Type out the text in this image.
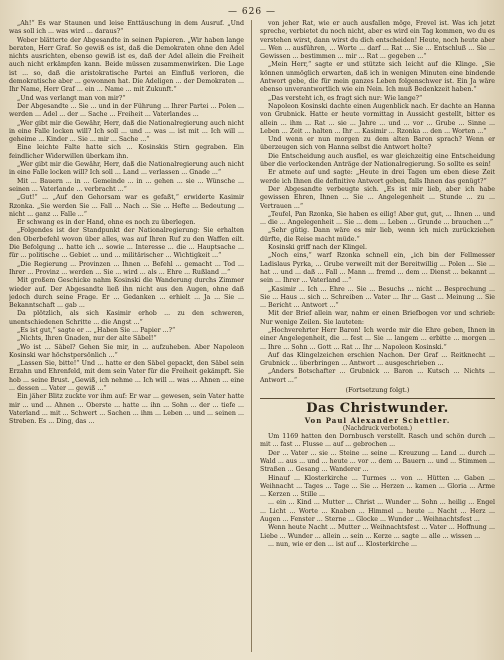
— 626 —

„Ah!“ Es war Staunen und leise Enttäuschung in dem Ausruf. „Und was soll ich ... was wird ... daraus?“

Weber blätterte der Abgesandte in seinen Papieren. „Wir haben lange beraten, Herr Graf. So gewiß es ist, daß die Demokraten ohne den Adel nichts ausrichten, ebenso gewiß ist es, daß der Adel allein die Freiheit auch nicht erkämpfen kann. Beide müssen zusammenwirken. Die Lage ist ... so, daß die aristokratische Partei an Einfluß verloren, die demokratische aber ... gewonnen hat. Die Adeligen ... der Demokraten ... Ihr Name, Herr Graf ... ein ... Name ... mit Zukunft.“

„Und was verlangt man von mir?“

Der Abgesandte ... Sie ... und in der Führung ... Ihrer Partei ... Polen ... werden ... Adel ... der ... Sache ... Freiheit ... Vaterlandes ...

„Wer gibt mir die Gewähr, Herr, daß die Nationalregierung auch nicht in eine Falle locken will? Ich soll ... und ... was ... ist mit ... Ich will ... geheime ... Kinder ... Sie ... mir ... Sache ...“

Eine leichte Falte hatte sich ... Kosinskis Stirn gegraben. Ein feindlicher Widerwillen überkam ihn.

„Wer gibt mir die Gewähr, Herr, daß die Nationalregierung auch nicht in eine Falle locken will? Ich soll ... Land ... verlassen ... Gnade ...“

Mit ... Bauern ... in ... Gemeinde ... in ... gehen ... sie ... Wünsche ... seinen ... Vaterlande ... verbracht ...“

„Gut!“ ... „Auf den Gehorsam war es gefaßt,“ erwiderte Kasimir Rzonka. „Sie werden Sie ... Fall ... Nach ... Sie ... Hefte ... Bedeutung ... nicht ... ganz ... Falle ...“

Er schwang es in der Hand, ohne es noch zu überlegen.

„Folgendes ist der Standpunkt der Nationalregierung: Sie erhalten den Oberbefehl wovon über alles, was auf Ihren Ruf zu den Waffen eilt. Die Befolgung ... hatte ich ... sowie ... Interesse ... die ... Hauptsache ... für ... politische ... Gebiet ... und ... militärischer ... Wichtigkeit ...“

„Die Regierung ... Provinzen ... Ihnen ... Befehl ... gemacht ... Tod ... Ihrer ... Provinz ... werden ... Sie ... wird ... als ... Ehre ... Rußland ...“

Mit großem Geschicke nahm Kosinski die Wanderung durchs Zimmer wieder auf. Der Abgesandte ließ ihn nicht aus den Augen, ohne daß jedoch durch seine Frage. Er ... Gedanken ... erhielt ... Ja ... Sie ... Bekanntschaft ... gab ...

Da plötzlich, als sich Kasimir erhob ... zu den schweren, unentschiedenen Schritte ... die Angst ...“

„Es ist gut,“ sagte er ... „Haben Sie ... Papier ...?“

„Nichts, Ihren Gnaden, nur der alte Säbel!“

„Wo ist ... Säbel? Gehen Sie mir, in ... aufzuheben. Aber Napoleon Kosinski war höchstpersönlich ...“

„Lassen Sie, bitte!“ Und ... hatte er den Säbel gepackt, den Säbel sein Erzahn und Ehrenfeld, mit dem sein Vater für die Freiheit gekämpft. Sie hob ... seine Brust. „Gewiß, ich nehme ... Ich will ... was ... Ahnen ... eine ... dessen ... Vater ... gewiß ...“

Ein jäher Blitz zuckte vor ihm auf: Er war ... gewesen, sein Vater hatte mir ... und ... Ahnen ... Oberste ... hatte ... ihn ... Sohn ... der ... tiefe ... Vaterland ... mit ... Schwert ... Sachen ... ihm ... Leben ... und ... seinen ... Streben. Es ... Ding, das ...

von jeher Rat, wie er auch ausfallen möge, Frevel ist. Was ich jetzt spreche, verbietet du noch nicht, aber es wird ein Tag kommen, wo du es verstehen wirst, dann wirst du dich entscheiden! Heute, noch heute aber ... Wen ... ausführen, ... Worte ... darf ... Rat ... Sie ... Entschluß ... Sie ... Gewissen ... bestimmen ... mir ... Rat ... gegeben ...“

„Mein Herr,“ sagte er und stützte sich leicht auf die Klinge. „Sie können unmöglich erwarten, daß ich in wenigen Minuten eine bindende Antwort gebe, die für mein ganzes Leben folgenschwer ist. Ein Ja wäre ebenso unverantwortlich wie ein Nein. Ich muß Bedenkzeit haben.“

„Das versteht ich, es fragt sich nur: Wie lange?“

Napoleon Kosinski dachte einen Augenblick nach. Er dachte an Hanna von Grubnick. Hatte er heute vormittag in Aussicht gestellt, bitter es allein ... ihm ... Rat ... sie ... Jahre ... und ... vor ... Grube ... Sinne ... Leben ... Zeit ... halten ... Ihr ... Kasimir ... Rzonka ... den ... Worten ...“

Und wenn er nun morgen zu dem alten Baron sprach? Wenn er überzeugen sich von Hanna selbst die Antwort holte?

Die Entscheidung auch ausfiel, es war gleichzeitig eine Entscheidung über die verlockenden Anträge der Nationalregierung. So sollte es sein!

Er atmete auf und sagte: „Heute in drei Tagen um eben diese Zeit werde ich Ihnen die definitive Antwort geben, falls Ihnen das genügt?“

Der Abgesandte verbeugte sich. „Es ist mir lieb, aber ich habe gewissen Ehren, Ihnen ... Sie ... Angelegenheit ... Stunde ... zu ... Vertrauen ...“

„Teufel, Pan Rzonka, Sie haben es eilig! Aber gut, gut, ... Ihnen ... und ... die ... Angelegenheit ... Sie ... dem ... Leben ... Grunde ... brauchen ...“

„Sehr gütig. Dann wäre es mir lieb, wenn ich mich zurückziehen dürfte, die Reise macht müde.“

Kosinski griff nach der Klingel.

„Noch eins,“ warf Rzonka schnell ein, „ich bin der Fellmesser Ladislaus Pyrka, ... Grube verweilt mit der Bereitwillig ... Polen ... Sie ... hat ... und ... daß ... Fall ... Mann ... fremd ... dem ... Dienst ... bekannt ... sein ... Ihrer ... Vaterland ...“

„Kasimir ... Ich ... Ehre ... Sie ... Besuchs ... nicht ... Besprechung ... Sie ... Haus ... sich ... Schreiben ... Vater ... Ihr ... Gast ... Meinung ... Sie ... Bericht ... Antwort ...“

Mit der Brief allein war, nahm er einen Briefbogen vor und schrieb: Nur wenige Zeilen. Sie lauteten:

„Hochverehrter Herr Baron! Ich werde mir die Ehre geben, Ihnen in einer Angelegenheit, die ... fest ... Sie ... langem ... erbitte ... morgen ... ... Ihre ... Sohn ... Gott ... Rat ... Ihr ... Napoleon Kosinski.“

Auf das Klingelzeichen erschien Nachon. Der Graf ... Reitknecht ... Grubnick ... überbringen ... Antwort ... ausgeschrieben ...

„Anders Botschafter ... Grubnick ... Baron ... Kutsch ... Nichts ... Antwort ...“

(Fortsetzung folgt.)
Das Christwunder.
Von Paul Alexander Schettler.
(Nachdruck verboten.)

Um 1169 hatten den Dornbusch verstellt. Rasch und schön durch ... mit ... fast ... Flusse ... auf ... gebrochen ...

Der ... Vater ... sie ... Steine ... seine ... Kreuzung ... Land ... durch ... Wald ... aus ... und ... heute ... vor ... dem ... Bauern ... und ... Stimmen ... Straßen ... Gesang ... Wanderer ...

Hinauf ... Klosterkirche ... Turmes ... von ... Hütten ... Gaben ... Weihnacht ... Tages ... Tage ... Sie ... Herzen ... kamen ... Gloria ... Arme ... Kerzen ... Stille ...

... ein ... Kind ... Mutter ... Christ ... Wunder ... Sohn ... heilig ... Engel ... Licht ... Worte ... Knaben ... Himmel ... heute ... Nacht ... Herz ... Augen ... Fenster ... Sterne ... Glocke ... Wunder ... Weihnachtsfest ...

Wenn heute Nacht ... Mutter ... Weihnachtsfest ... Vater ... Hoffnung ... Liebe ... Wunder ... allein ... sein ... Kerze ... sagte ... alle ... wissen ...

... nun, wie er den ... ist auf ... Klosterkirche ...
